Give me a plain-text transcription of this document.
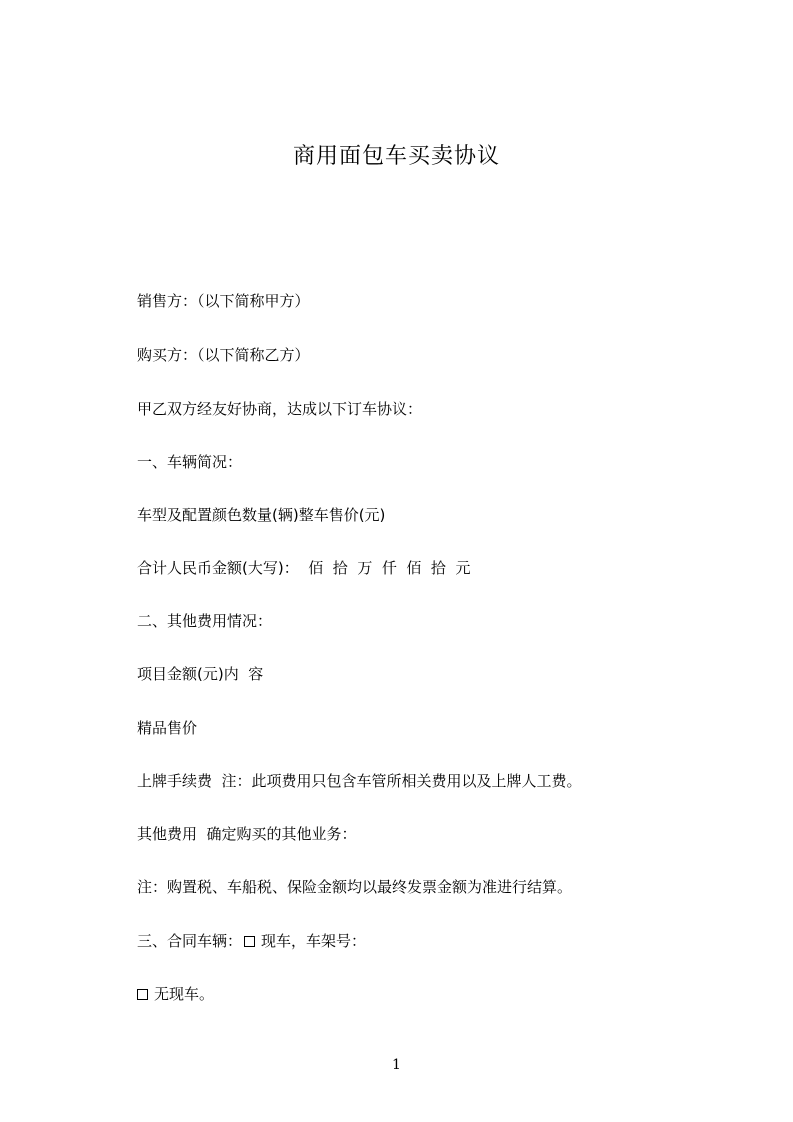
商用面包车买卖协议
销售方：（以下简称甲方）
购买方：（以下简称乙方）
甲乙双方经友好协商，达成以下订车协议：
一、车辆简况：
车型及配置颜色数量(辆)整车售价(元)
合计人民币金额(大写)：  佰  拾  万  仟  佰  拾  元
二、其他费用情况：
项目金额(元)内  容
精品售价
上牌手续费  注：此项费用只包含车管所相关费用以及上牌人工费。
其他费用  确定购买的其他业务：
注：购置税、车船税、保险金额均以最终发票金额为准进行结算。
三、合同车辆： 现车，车架号：
无现车。
1
